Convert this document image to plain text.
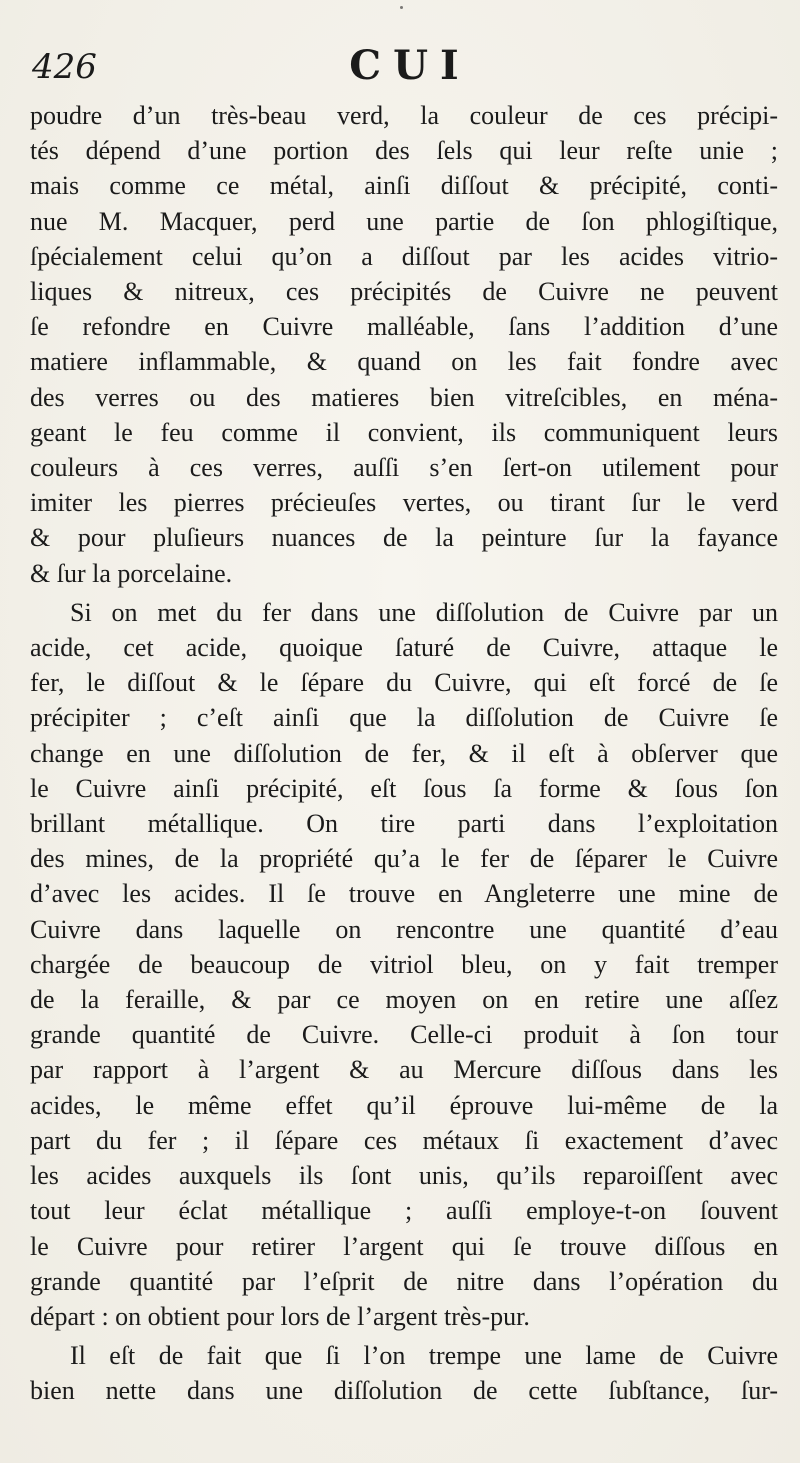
426	CUI
poudre d’un très-beau verd, la couleur de ces précipi-
tés dépend d’une portion des ſels qui leur reſte unie ;
mais comme ce métal, ainſi diſſout & précipité, conti-
nue M. Macquer, perd une partie de ſon phlogiſtique,
ſpécialement celui qu’on a diſſout par les acides vitrio-
liques & nitreux, ces précipités de Cuivre ne peuvent
ſe refondre en Cuivre malléable, ſans l’addition d’une
matiere inflammable, & quand on les fait fondre avec
des verres ou des matieres bien vitreſcibles, en ména-
geant le feu comme il convient, ils communiquent leurs
couleurs à ces verres, auſſi s’en ſert-on utilement pour
imiter les pierres précieuſes vertes, ou tirant ſur le verd
& pour pluſieurs nuances de la peinture ſur la fayance
& ſur la porcelaine.
Si on met du fer dans une diſſolution de Cuivre par un
acide, cet acide, quoique ſaturé de Cuivre, attaque le
fer, le diſſout & le ſépare du Cuivre, qui eſt forcé de ſe
précipiter ; c’eſt ainſi que la diſſolution de Cuivre ſe
change en une diſſolution de fer, & il eſt à obſerver que
le Cuivre ainſi précipité, eſt ſous ſa forme & ſous ſon
brillant métallique. On tire parti dans l’exploitation
des mines, de la propriété qu’a le fer de ſéparer le Cuivre
d’avec les acides. Il ſe trouve en Angleterre une mine de
Cuivre dans laquelle on rencontre une quantité d’eau
chargée de beaucoup de vitriol bleu, on y fait tremper
de la feraille, & par ce moyen on en retire une aſſez
grande quantité de Cuivre. Celle-ci produit à ſon tour
par rapport à l’argent & au Mercure diſſous dans les
acides, le même effet qu’il éprouve lui-même de la
part du fer ; il ſépare ces métaux ſi exactement d’avec
les acides auxquels ils ſont unis, qu’ils reparoiſſent avec
tout leur éclat métallique ; auſſi employe-t-on ſouvent
le Cuivre pour retirer l’argent qui ſe trouve diſſous en
grande quantité par l’eſprit de nitre dans l’opération du
départ : on obtient pour lors de l’argent très-pur.
Il eſt de fait que ſi l’on trempe une lame de Cuivre
bien nette dans une diſſolution de cette ſubſtance, ſur-
